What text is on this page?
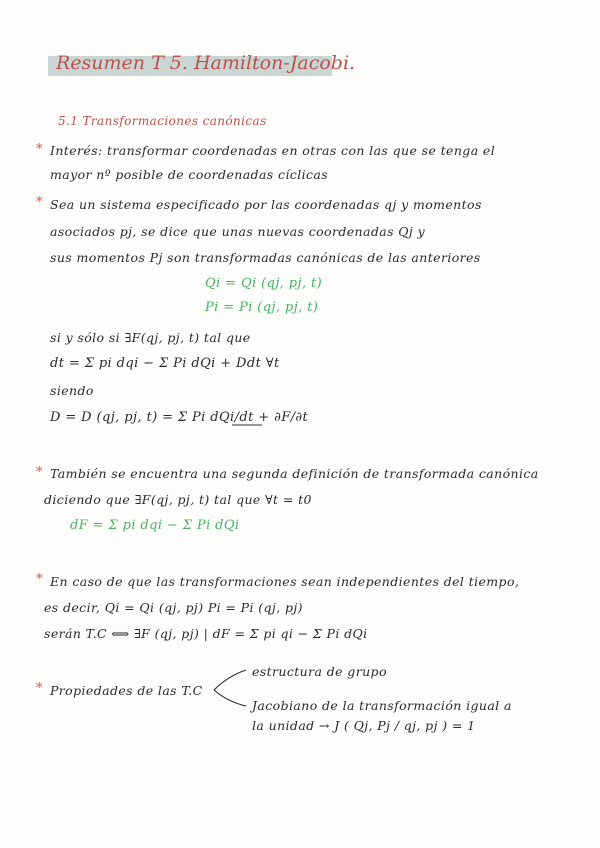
Resumen T 5. Hamilton-Jacobi.
5.1 Transformaciones canónicas
* Interés: transformar coordenadas en otras con las que se tenga el
mayor nº posible de coordenadas cíclicas
* Sea un sistema especificado por las coordenadas qj y momentos
asociados pj, se dice que unas nuevas coordenadas Qj y
sus momentos Pj son transformadas canónicas de las anteriores
Qi = Qi (qj, pj, t)
Pi = Pi (qj, pj, t)
si y sólo si ∃F(qj, pj, t) tal que
dt = Σ pi dqi − Σ Pi dQi + Ddt ∀t
siendo
D = D (qj, pj, t) = Σ Pi dQi/dt + ∂F/∂t
* También se encuentra una segunda definición de transformada canónica
diciendo que ∃F(qj, pj, t) tal que ∀t = t0
dF = Σ pi dqi − Σ Pi dQi
* En caso de que las transformaciones sean independientes del tiempo,
es decir, Qi = Qi (qj, pj) Pi = Pi (qj, pj)
serán T.C ⟺ ∃F (qj, pj) | dF = Σ pi qi − Σ Pi dQi
* Propiedades de las T.C
estructura de grupo
Jacobiano de la transformación igual a
la unidad → J ( Qj, Pj / qj, pj ) = 1
